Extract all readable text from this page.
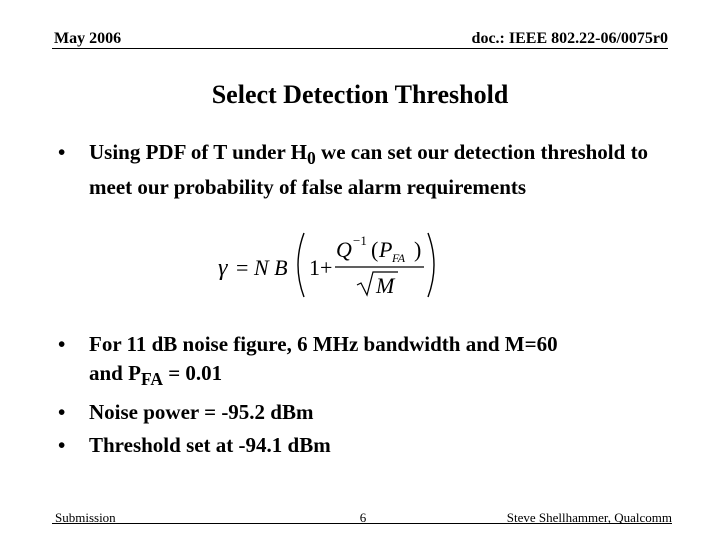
May 2006	doc.: IEEE 802.22-06/0075r0
Select Detection Threshold
• Using PDF of T under $H_0$ we can set our detection threshold to meet our probability of false alarm requirements
γ = N B 1+
Q −1 ( P FA )
M
• For 11 dB noise figure, 6 MHz bandwidth and M=60
and $P_{FA} = 0.01$
• Noise power = -95.2 dBm
• Threshold set at -94.1 dBm
Submission	6	Steve Shellhammer, Qualcomm
